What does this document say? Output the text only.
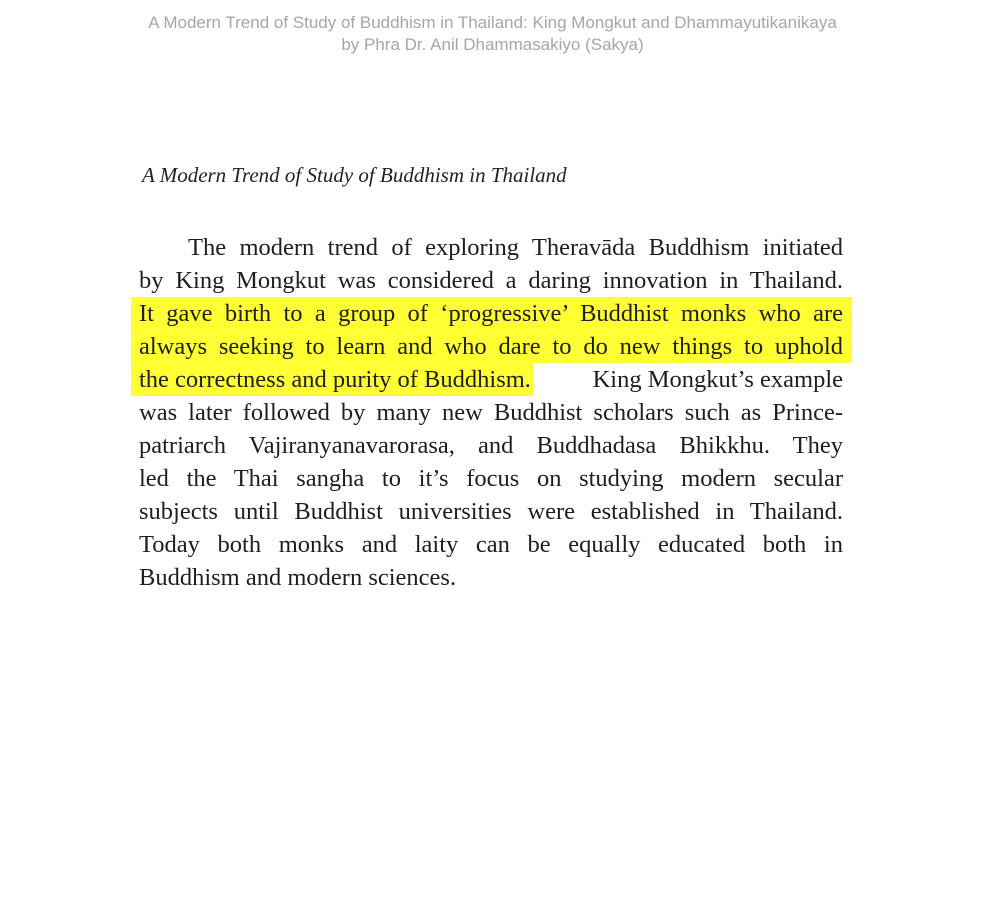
A Modern Trend of Study of Buddhism in Thailand: King Mongkut and Dhammayutikanikaya
by Phra Dr. Anil Dhammasakiyo (Sakya)
A Modern Trend of Study of Buddhism in Thailand
The modern trend of exploring Theravāda Buddhism initiated
by King Mongkut was considered a daring innovation in Thailand.
It gave birth to a group of ‘progressive’ Buddhist monks who are
always seeking to learn and who dare to do new things to uphold
the correctness and purity of Buddhism.	King Mongkut’s example
was later followed by many new Buddhist scholars such as Prince-
patriarch Vajiranyanavarorasa, and Buddhadasa Bhikkhu. They
led the Thai sangha to it’s focus on studying modern secular
subjects until Buddhist universities were established in Thailand.
Today both monks and laity can be equally educated both in
Buddhism and modern sciences.
